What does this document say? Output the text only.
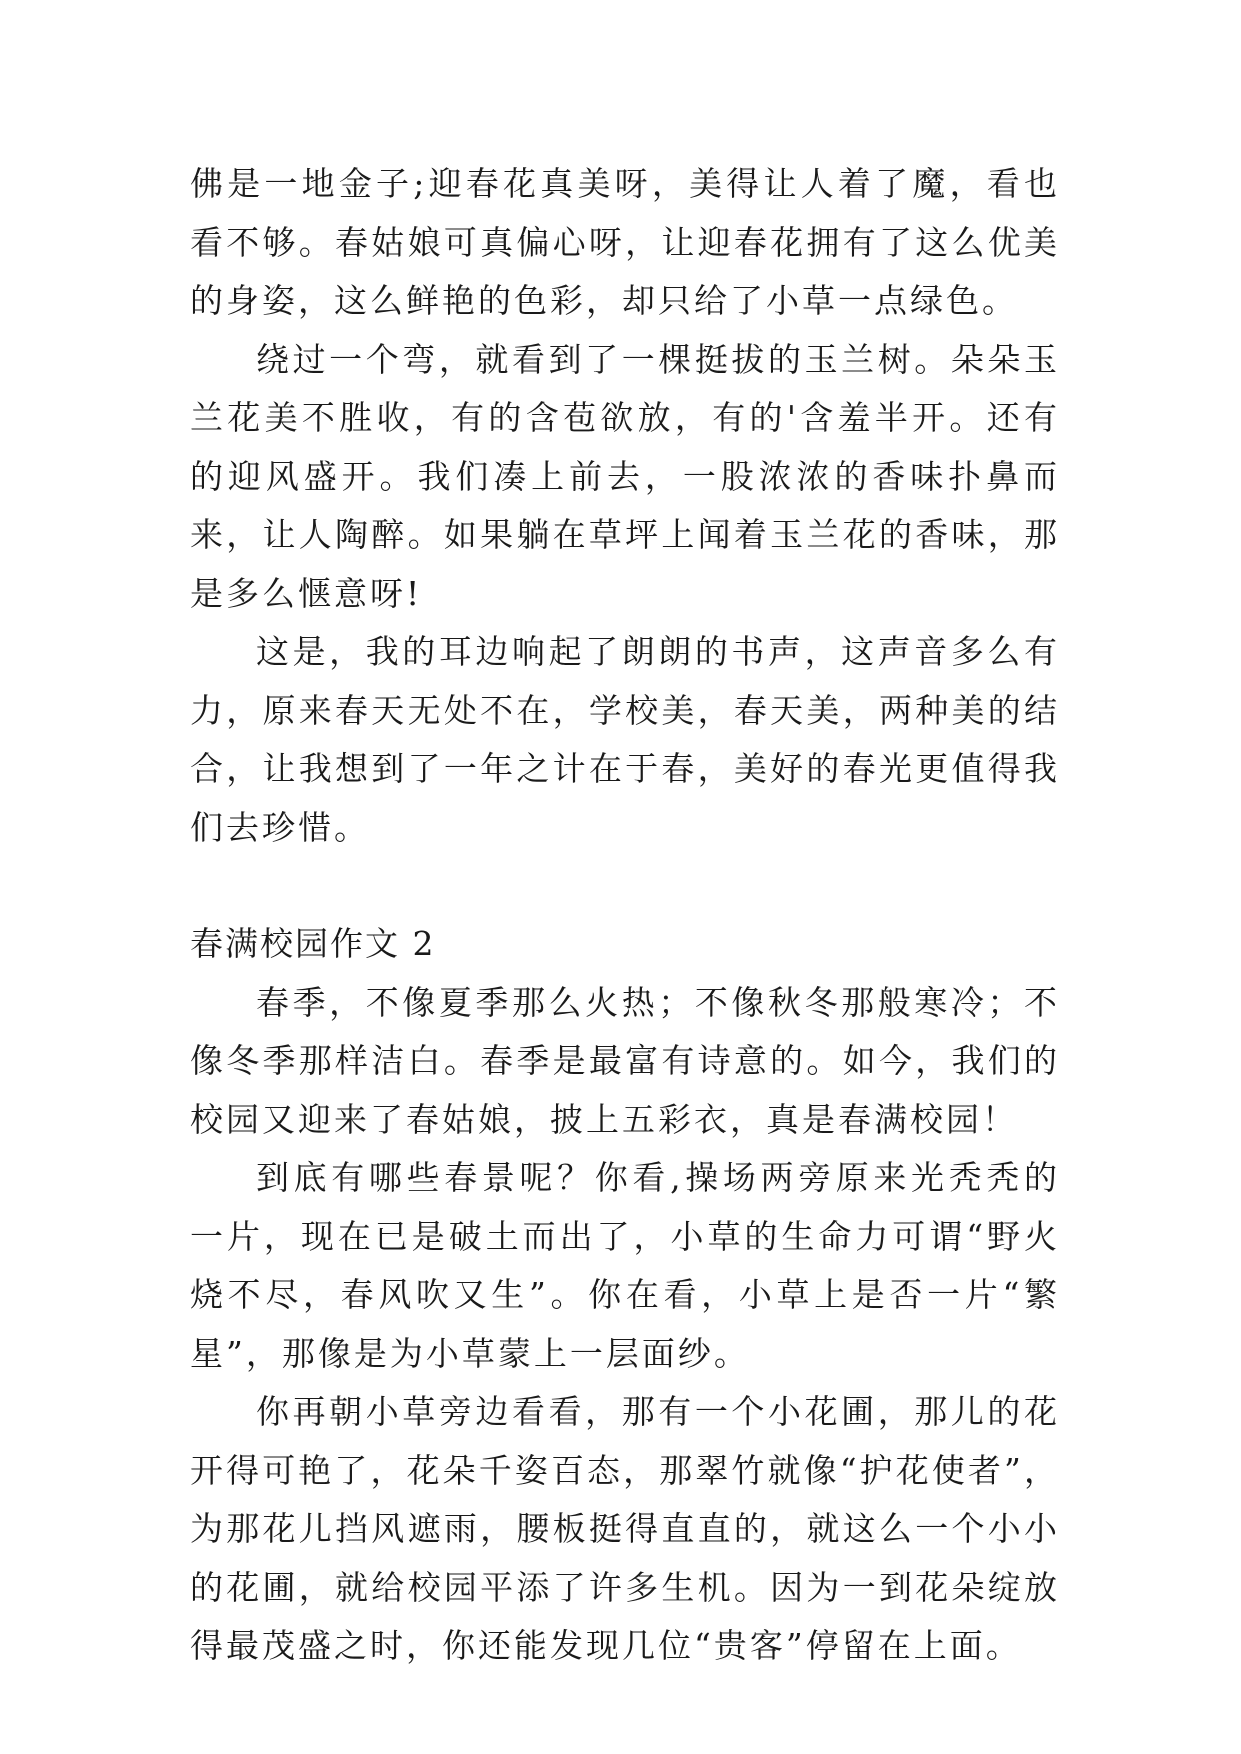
佛是一地金子;迎春花真美呀，美得让人着了魔，看也看不够。春姑娘可真偏心呀，让迎春花拥有了这么优美的身姿，这么鲜艳的色彩，却只给了小草一点绿色。

绕过一个弯，就看到了一棵挺拔的玉兰树。朵朵玉兰花美不胜收，有的含苞欲放，有的'含羞半开。还有的迎风盛开。我们凑上前去，一股浓浓的香味扑鼻而来，让人陶醉。如果躺在草坪上闻着玉兰花的香味，那是多么惬意呀!

这是，我的耳边响起了朗朗的书声，这声音多么有力，原来春天无处不在，学校美，春天美，两种美的结合，让我想到了一年之计在于春，美好的春光更值得我们去珍惜。

春满校园作文 2

春季，不像夏季那么火热；不像秋冬那般寒冷；不像冬季那样洁白。春季是最富有诗意的。如今，我们的校园又迎来了春姑娘，披上五彩衣，真是春满校园！

到底有哪些春景呢？你看,操场两旁原来光秃秃的一片，现在已是破土而出了，小草的生命力可谓“野火烧不尽，春风吹又生”。你在看，小草上是否一片“繁星”，那像是为小草蒙上一层面纱。

你再朝小草旁边看看，那有一个小花圃，那儿的花开得可艳了，花朵千姿百态，那翠竹就像“护花使者”，为那花儿挡风遮雨，腰板挺得直直的，就这么一个小小的花圃，就给校园平添了许多生机。因为一到花朵绽放得最茂盛之时，你还能发现几位“贵客”停留在上面。
